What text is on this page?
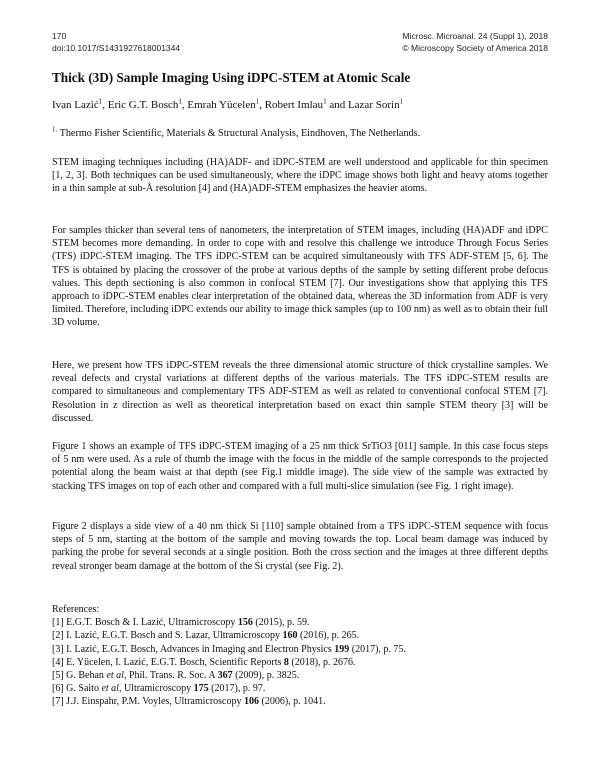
170
doi:10.1017/S1431927618001344
Microsc. Microanal. 24 (Suppl 1), 2018
© Microscopy Society of America 2018
Thick (3D) Sample Imaging Using iDPC-STEM at Atomic Scale
Ivan Lazić$^1$, Eric G.T. Bosch$^1$, Emrah Yücelen$^1$, Robert Imlau$^1$ and Lazar Sorin$^1$
$^{1.}$ Thermo Fisher Scientific, Materials & Structural Analysis, Eindhoven, The Netherlands.

STEM imaging techniques including (HA)ADF- and iDPC-STEM are well understood and applicable for thin specimen [1, 2, 3]. Both techniques can be used simultaneously, where the iDPC image shows both light and heavy atoms together in a thin sample at sub-Å resolution [4] and (HA)ADF-STEM emphasizes the heavier atoms.

For samples thicker than several tens of nanometers, the interpretation of STEM images, including (HA)ADF and iDPC STEM becomes more demanding. In order to cope with and resolve this challenge we introduce Through Focus Series (TFS) iDPC-STEM imaging. The TFS iDPC-STEM can be acquired simultaneously with TFS ADF-STEM [5, 6]. The TFS is obtained by placing the crossover of the probe at various depths of the sample by setting different probe defocus values. This depth sectioning is also common in confocal STEM [7]. Our investigations show that applying this TFS approach to iDPC-STEM enables clear interpretation of the obtained data, whereas the 3D information from ADF is very limited. Therefore, including iDPC extends our ability to image thick samples (up to 100 nm) as well as to obtain their full 3D volume.

Here, we present how TFS iDPC-STEM reveals the three dimensional atomic structure of thick crystalline samples. We reveal defects and crystal variations at different depths of the various materials. The TFS iDPC-STEM results are compared to simultaneous and complementary TFS ADF-STEM as well as related to conventional confocal STEM [7]. Resolution in z direction as well as theoretical interpretation based on exact thin sample STEM theory [3] will be discussed.

Figure 1 shows an example of TFS iDPC-STEM imaging of a 25 nm thick SrTiO3 [011] sample. In this case focus steps of 5 nm were used. As a rule of thumb the image with the focus in the middle of the sample corresponds to the projected potential along the beam waist at that depth (see Fig.1 middle image). The side view of the sample was extracted by stacking TFS images on top of each other and compared with a full multi-slice simulation (see Fig. 1 right image).

Figure 2 displays a side view of a 40 nm thick Si [110] sample obtained from a TFS iDPC-STEM sequence with focus steps of 5 nm, starting at the bottom of the sample and moving towards the top. Local beam damage was induced by parking the probe for several seconds at a single position. Both the cross section and the images at three different depths reveal stronger beam damage at the bottom of the Si crystal (see Fig. 2).

References:
[1] E.G.T. Bosch & I. Lazić, Ultramicroscopy 156 (2015), p. 59.
[2] I. Lazić, E.G.T. Bosch and S. Lazar, Ultramicroscopy 160 (2016), p. 265.
[3] I. Lazić, E.G.T. Bosch, Advances in Imaging and Electron Physics 199 (2017), p. 75.
[4] E. Yücelen, I. Lazić, E.G.T. Bosch, Scientific Reports 8 (2018), p. 2676.
[5] G. Behan et al, Phil. Trans. R. Soc. A 367 (2009), p. 3825.
[6] G. Saito et al, Ultramicroscopy 175 (2017), p. 97.
[7] J.J. Einspahr, P.M. Voyles, Ultramicroscopy 106 (2006), p. 1041.
